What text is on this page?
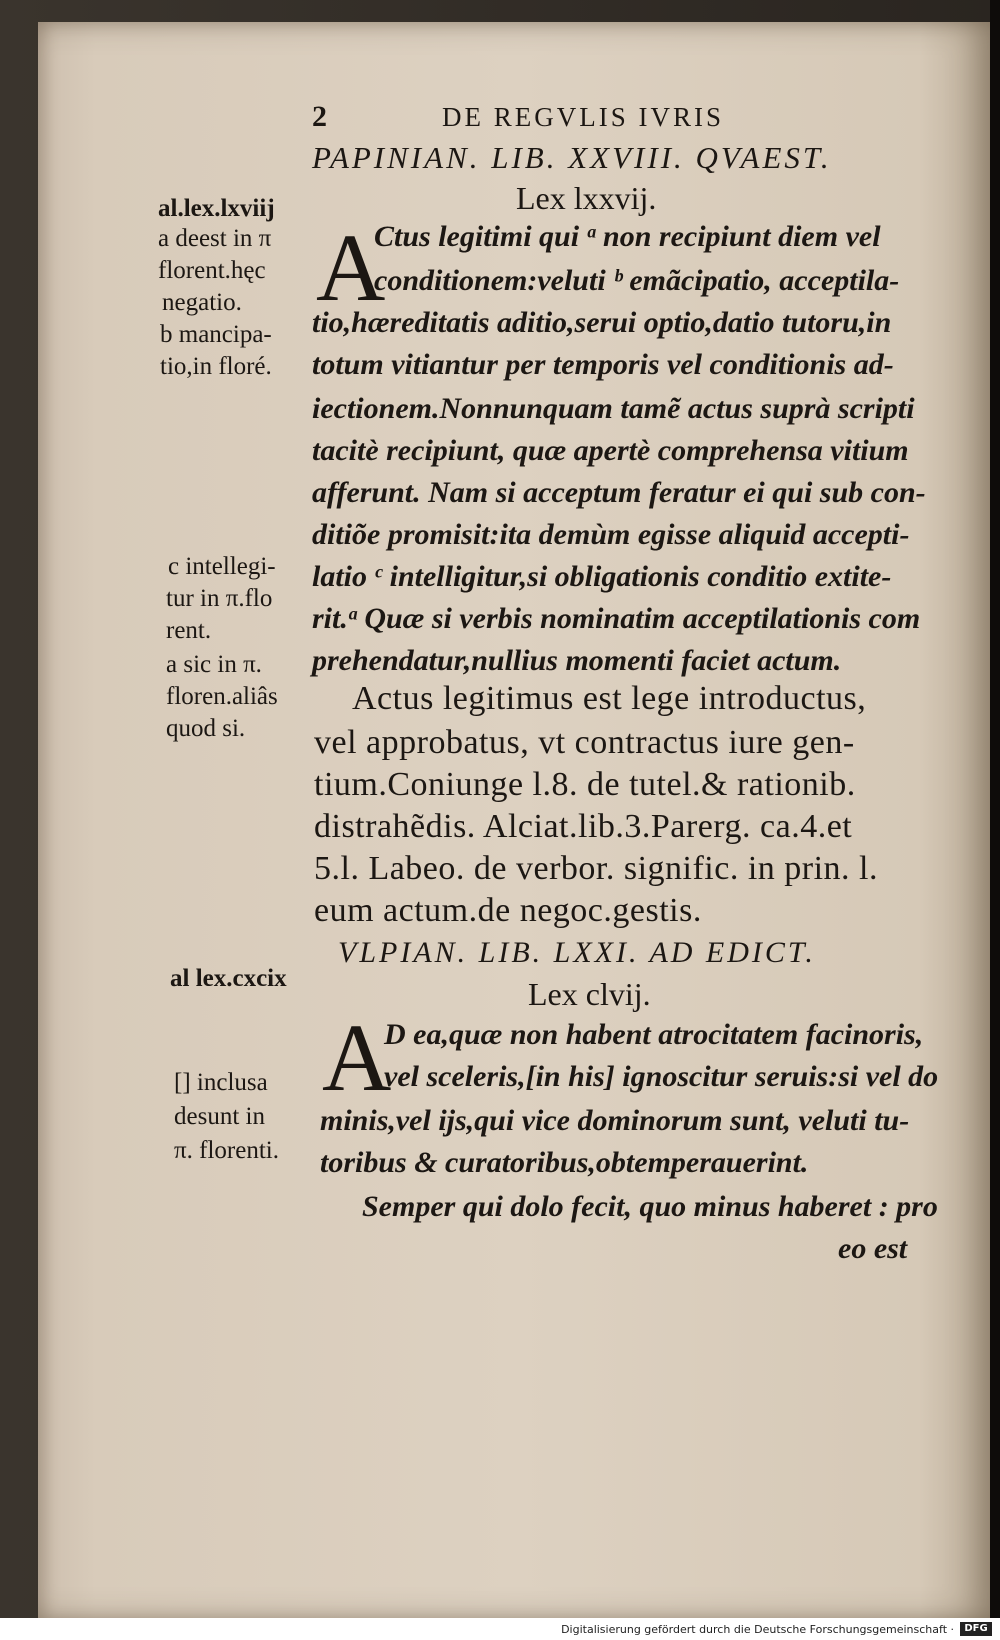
2	DE REGVLIS IVRIS
PAPINIAN. LIB. XXVIII. QVAEST.
Lex lxxvij.
al.lex.lxviij
a deest in π
florent.hęc
negatio.
b mancipa-
tio,in floré.
c intellegi-
tur in π.flo
rent.
a sic in π.
floren.aliâs
quod si.
al lex.cxcix
[] inclusa
desunt in
π. florenti.
A
Ctus legitimi qui ᵃ non recipiunt diem vel
conditionem:veluti ᵇ emãcipatio, acceptila-
tio,hæreditatis aditio,serui optio,datio tutoru,in
totum vitiantur per temporis vel conditionis ad-
iectionem.Nonnunquam tamẽ actus suprà scripti
tacitè recipiunt, quæ apertè comprehensa vitium
afferunt. Nam si acceptum feratur ei qui sub con-
ditiõe promisit:ita demùm egisse aliquid accepti-
latio ᶜ intelligitur,si obligationis conditio extite-
rit.ᵃ Quæ si verbis nominatim acceptilationis com
prehendatur,nullius momenti faciet actum.
Actus legitimus est lege introductus,
vel approbatus, vt contractus iure gen-
tium.Coniunge l.8. de tutel.& rationib.
distrahẽdis. Alciat.lib.3.Parerg. ca.4.et
5.l. Labeo. de verbor. signific. in prin. l.
eum actum.de negoc.gestis.
VLPIAN. LIB. LXXI. AD EDICT.
Lex clvij.
A
D ea,quæ non habent atrocitatem facinoris,
vel sceleris,[in his] ignoscitur seruis:si vel do
minis,vel ijs,qui vice dominorum sunt, veluti tu-
toribus & curatoribus,obtemperauerint.
Semper qui dolo fecit, quo minus haberet : pro
eo est
Digitalisierung gefördert durch die Deutsche Forschungsgemeinschaft ·	DFG
